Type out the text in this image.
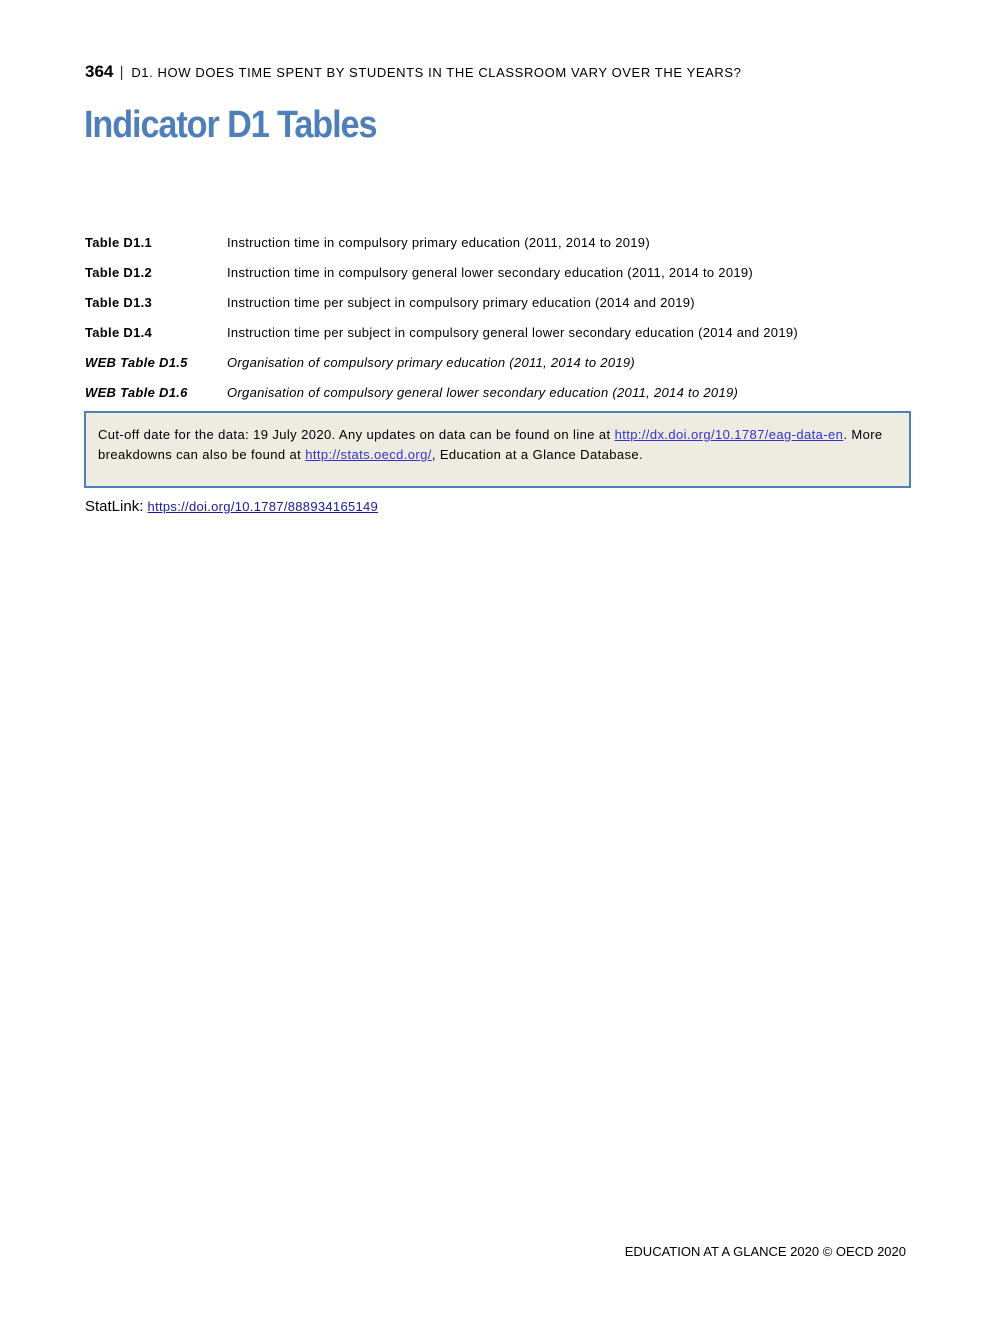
364 | D1. HOW DOES TIME SPENT BY STUDENTS IN THE CLASSROOM VARY OVER THE YEARS?
Indicator D1 Tables
Table D1.1	Instruction time in compulsory primary education (2011, 2014 to 2019)
Table D1.2	Instruction time in compulsory general lower secondary education (2011, 2014 to 2019)
Table D1.3	Instruction time per subject in compulsory primary education (2014 and 2019)
Table D1.4	Instruction time per subject in compulsory general lower secondary education (2014 and 2019)
WEB Table D1.5	Organisation of compulsory primary education (2011, 2014 to 2019)
WEB Table D1.6	Organisation of compulsory general lower secondary education (2011, 2014 to 2019)
Cut-off date for the data: 19 July 2020. Any updates on data can be found on line at http://dx.doi.org/10.1787/eag-data-en. More breakdowns can also be found at http://stats.oecd.org/, Education at a Glance Database.
StatLink: https://doi.org/10.1787/888934165149
EDUCATION AT A GLANCE 2020 © OECD 2020
